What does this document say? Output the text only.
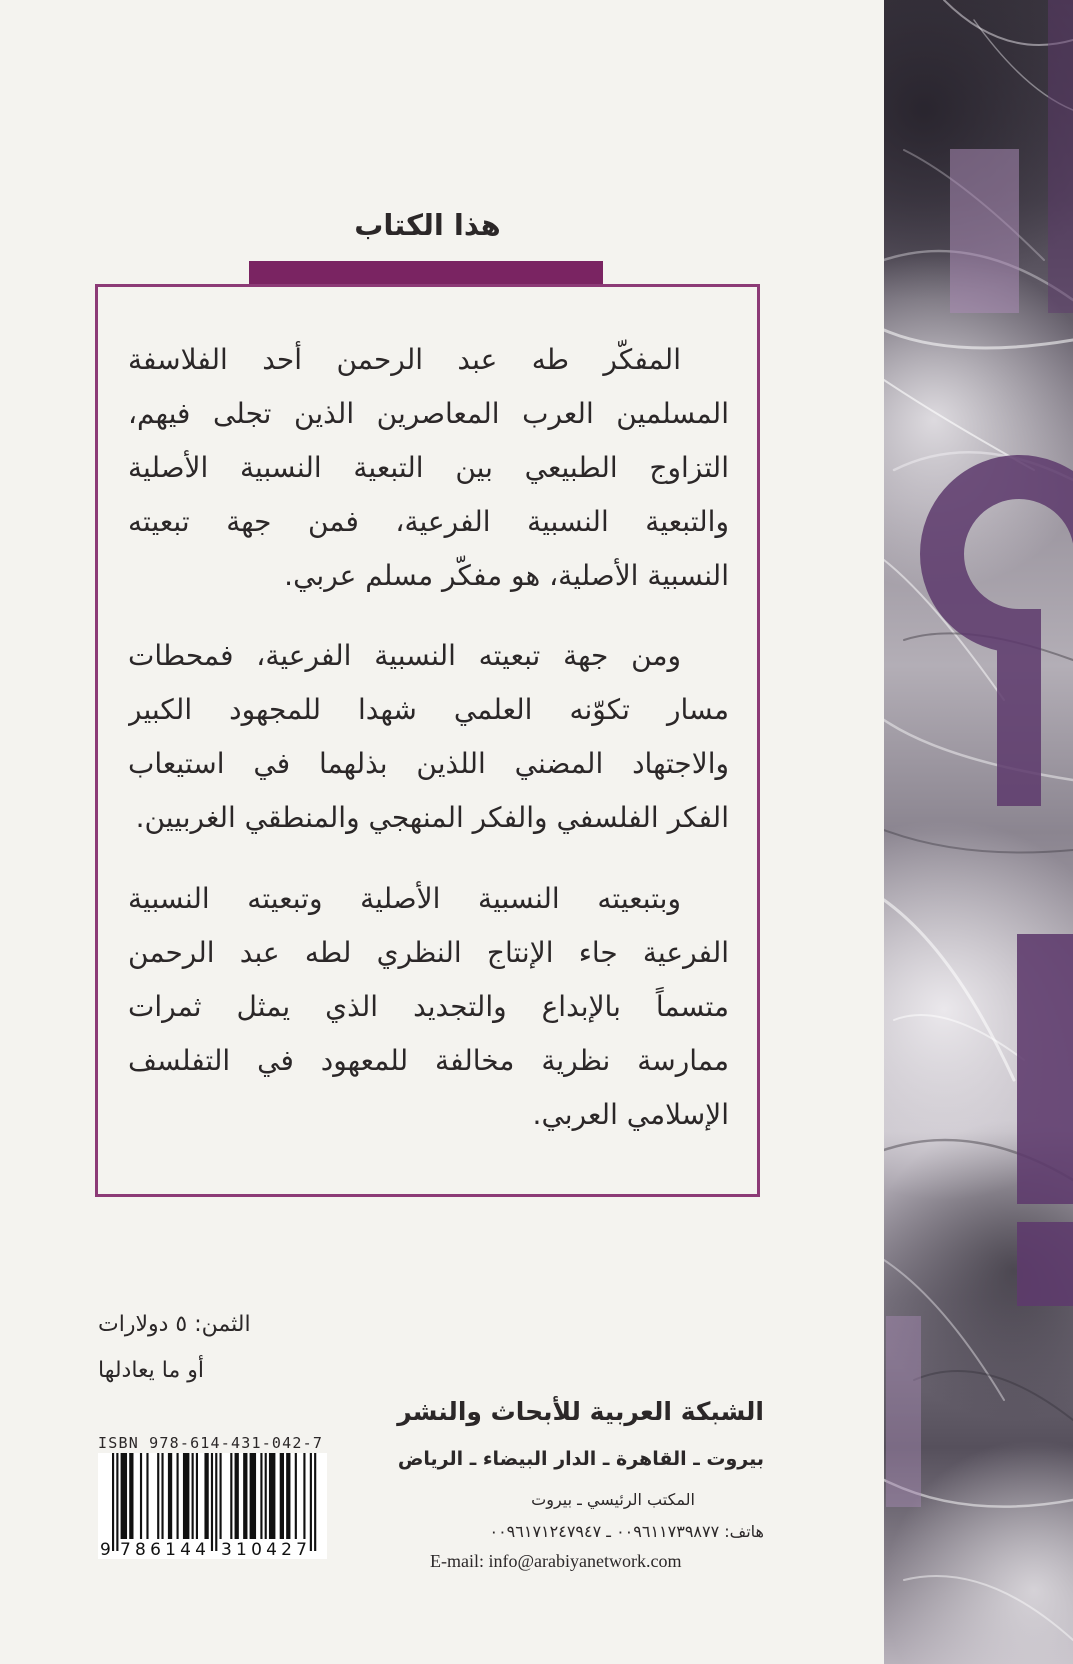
هذا الكتاب
المفكّر طه عبد الرحمن أحد الفلاسفة
المسلمين العرب المعاصرين الذين تجلى فيهم،
التزاوج الطبيعي بين التبعية النسبية الأصلية
والتبعية النسبية الفرعية، فمن جهة تبعيته
النسبية الأصلية، هو مفكّر مسلم عربي.
ومن جهة تبعيته النسبية الفرعية، فمحطات
مسار تكوّنه العلمي شهدا للمجهود الكبير
والاجتهاد المضني اللذين بذلهما في استيعاب
الفكر الفلسفي والفكر المنهجي والمنطقي الغربيين.
وبتبعيته النسبية الأصلية وتبعيته النسبية
الفرعية جاء الإنتاج النظري لطه عبد الرحمن
متسماً بالإبداع والتجديد الذي يمثل ثمرات
ممارسة نظرية مخالفة للمعهود في التفلسف
الإسلامي العربي.
الثمن: ٥ دولارات
أو ما يعادلها
ISBN 978-614-431-042-7
9 786144 310427
الشبكة العربية للأبحاث والنشر
بيروت ـ القاهرة ـ الدار البيضاء ـ الرياض
المكتب الرئيسي ـ بيروت
هاتف: ٠٠٩٦١١٧٣٩٨٧٧ ـ ٠٠٩٦١٧١٢٤٧٩٤٧
E-mail: info@arabiyanetwork.com
